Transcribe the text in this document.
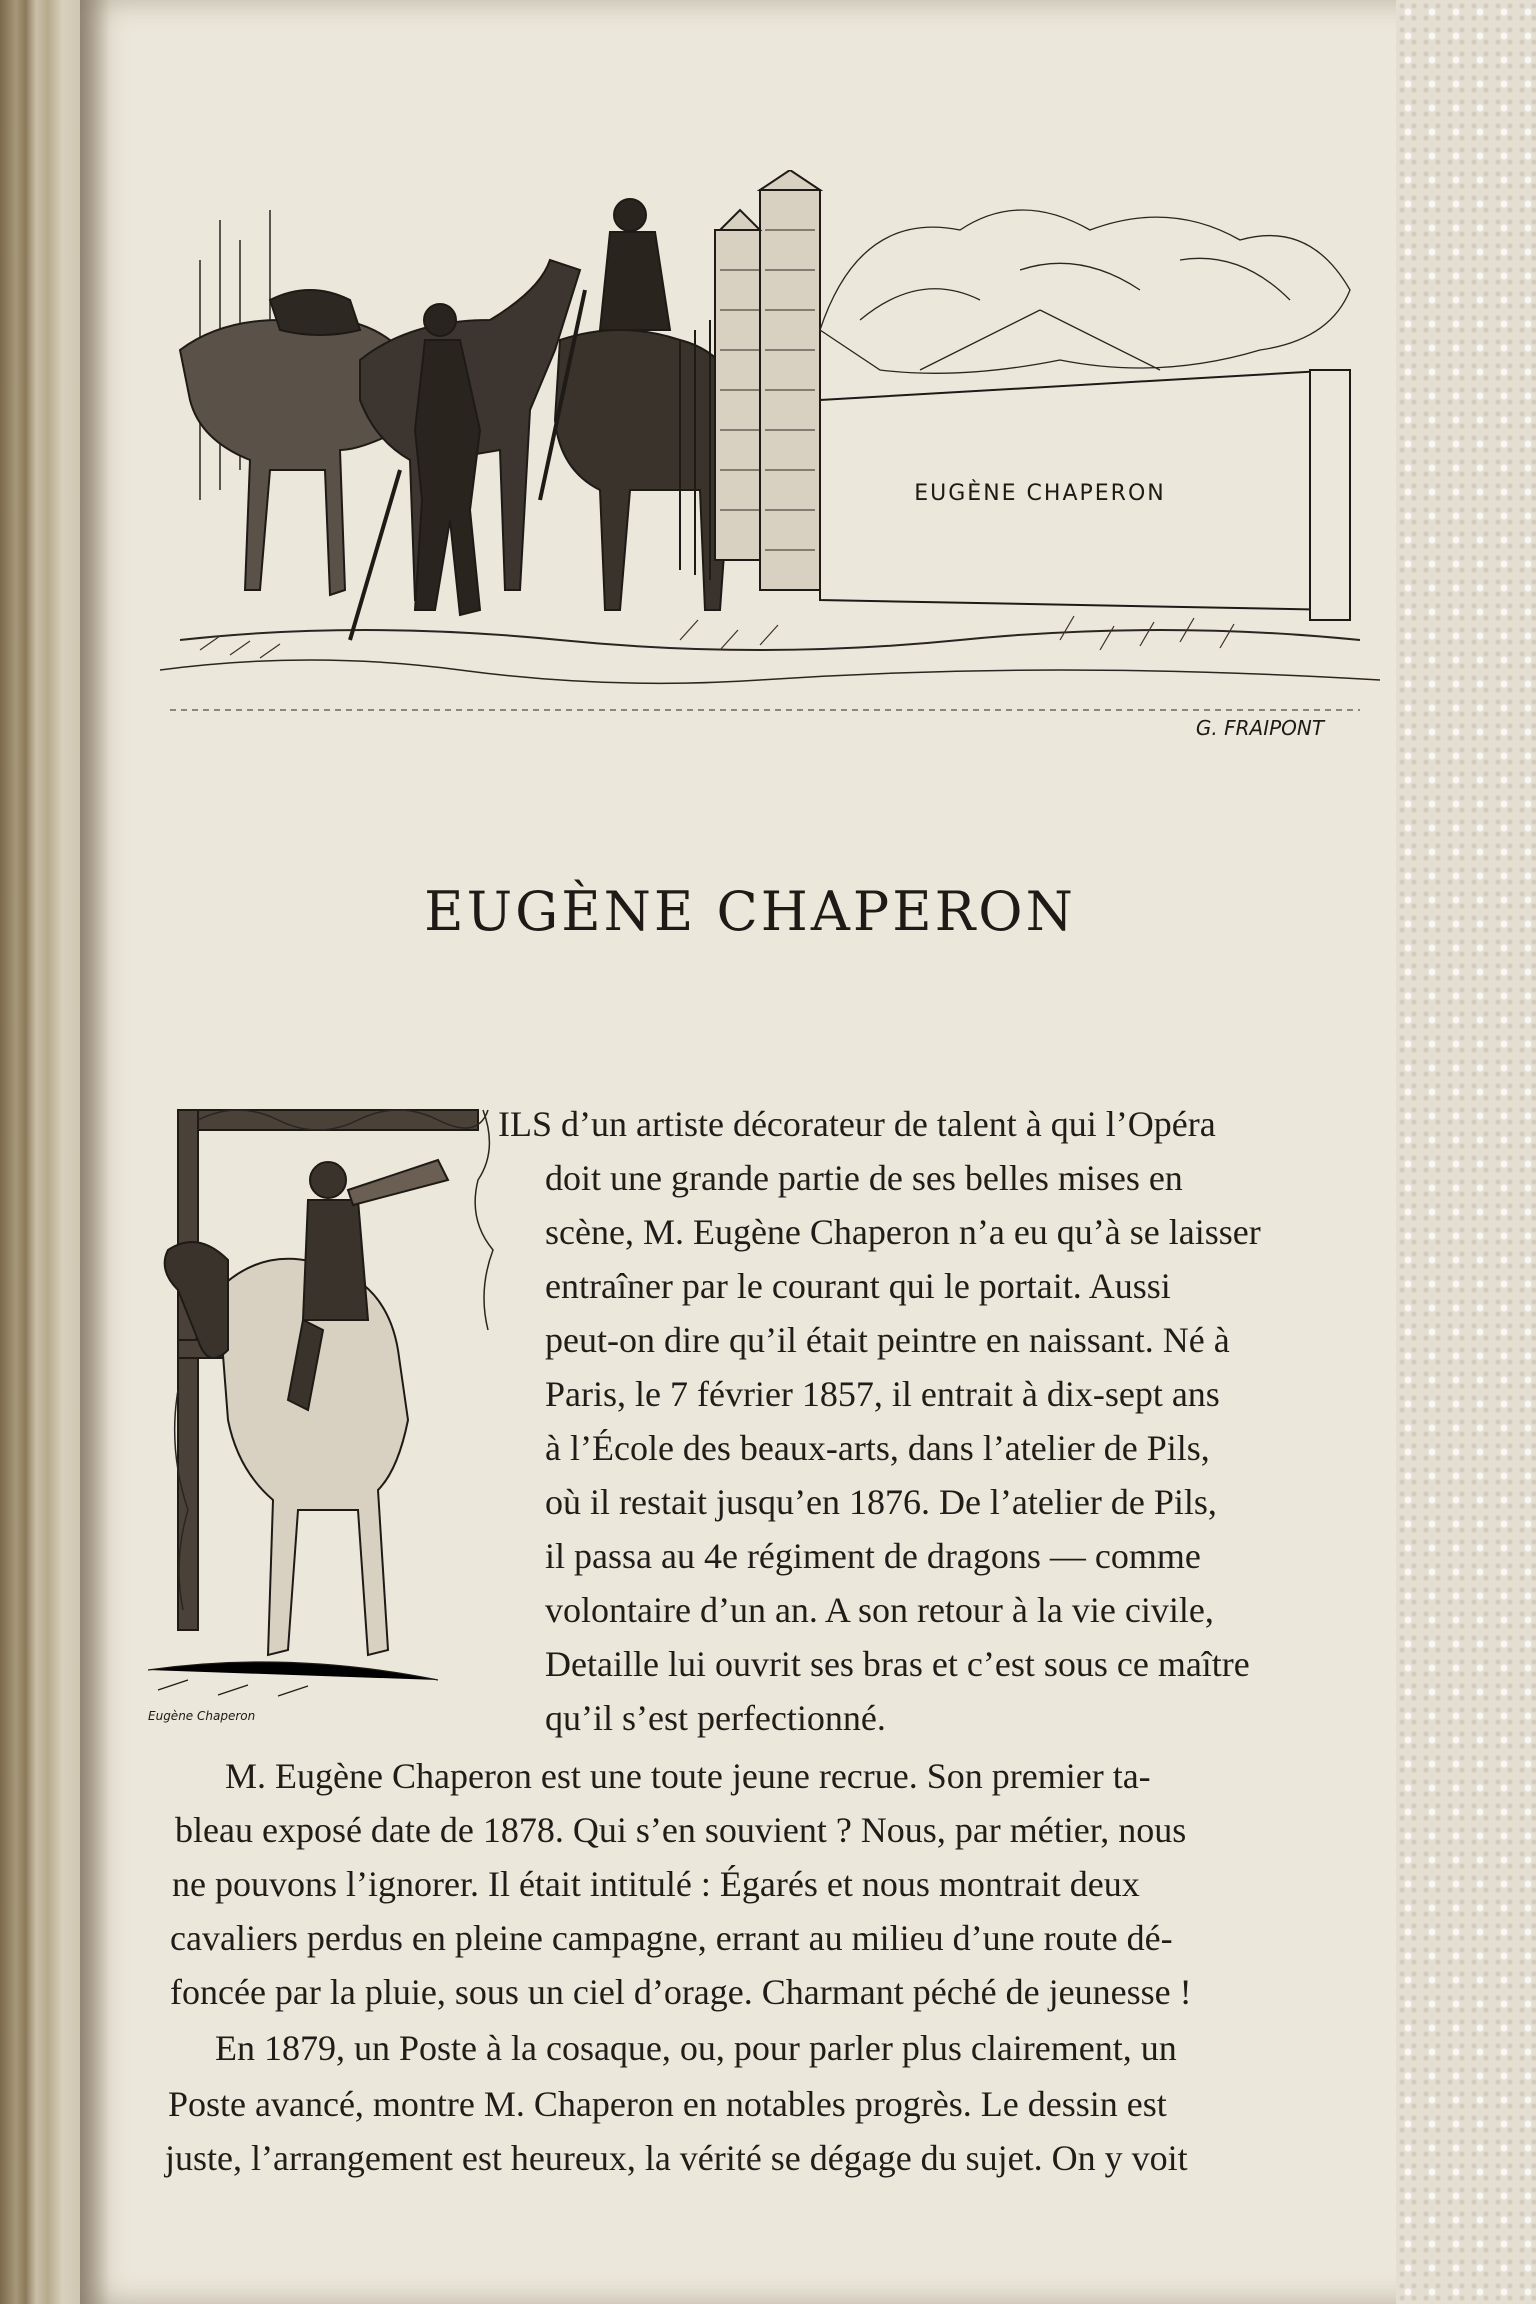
EUGÈNE CHAPERON
G. FRAIPONT
EUGÈNE CHAPERON
Eugène Chaperon
ILS d’un artiste décorateur de talent à qui l’Opéra
doit une grande partie de ses belles mises en
scène, M. Eugène Chaperon n’a eu qu’à se laisser
entraîner par le courant qui le portait. Aussi
peut-on dire qu’il était peintre en naissant. Né à
Paris, le 7 février 1857, il entrait à dix-sept ans
à l’École des beaux-arts, dans l’atelier de Pils,
où il restait jusqu’en 1876. De l’atelier de Pils,
il passa au 4e régiment de dragons — comme
volontaire d’un an. A son retour à la vie civile,
Detaille lui ouvrit ses bras et c’est sous ce maître
qu’il s’est perfectionné.
M. Eugène Chaperon est une toute jeune recrue. Son premier ta-
bleau exposé date de 1878. Qui s’en souvient ? Nous, par métier, nous
ne pouvons l’ignorer. Il était intitulé : Égarés et nous montrait deux
cavaliers perdus en pleine campagne, errant au milieu d’une route dé-
foncée par la pluie, sous un ciel d’orage. Charmant péché de jeunesse !
En 1879, un Poste à la cosaque, ou, pour parler plus clairement, un
Poste avancé, montre M. Chaperon en notables progrès. Le dessin est
juste, l’arrangement est heureux, la vérité se dégage du sujet. On y voit
